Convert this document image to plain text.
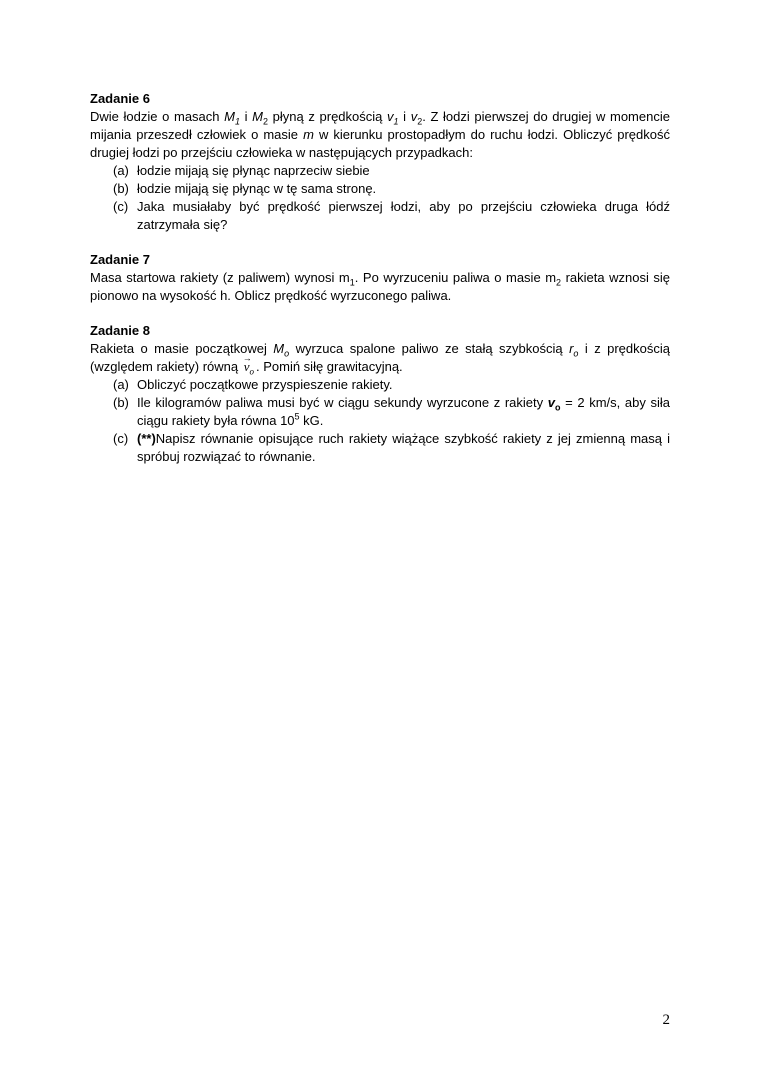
Zadanie 6
Dwie łodzie o masach $M_1$ i $M_2$ płyną z prędkością $v_1$ i $v_2$. Z łodzi pierwszej do drugiej w momencie mijania przeszedł człowiek o masie m w kierunku prostopadłym do ruchu łodzi. Obliczyć prędkość drugiej łodzi po przejściu człowieka w następujących przypadkach:
(a) łodzie mijają się płynąc naprzeciw siebie
(b) łodzie mijają się płynąc w tę sama stronę.
(c) Jaka musiałaby być prędkość pierwszej łodzi, aby po przejściu człowieka druga łódź zatrzymała się?
Zadanie 7
Masa startowa rakiety (z paliwem) wynosi $m_1$. Po wyrzuceniu paliwa o masie $m_2$ rakieta wznosi się pionowo na wysokość h. Oblicz prędkość wyrzuconego paliwa.
Zadanie 8
Rakieta o masie początkowej $M_o$ wyrzuca spalone paliwo ze stałą szybkością $r_o$ i z prędkością (względem rakiety) równą → $v_o$ . Pomiń siłę grawitacyjną.
(a) Obliczyć początkowe przyspieszenie rakiety.
(b) Ile kilogramów paliwa musi być w ciągu sekundy wyrzucone z rakiety $v_o = 2$ km/s, aby siła ciągu rakiety była równa $10^5$ kG.
(c) (**)Napisz równanie opisujące ruch rakiety wiążące szybkość rakiety z jej zmienną masą i spróbuj rozwiązać to równanie.
2
